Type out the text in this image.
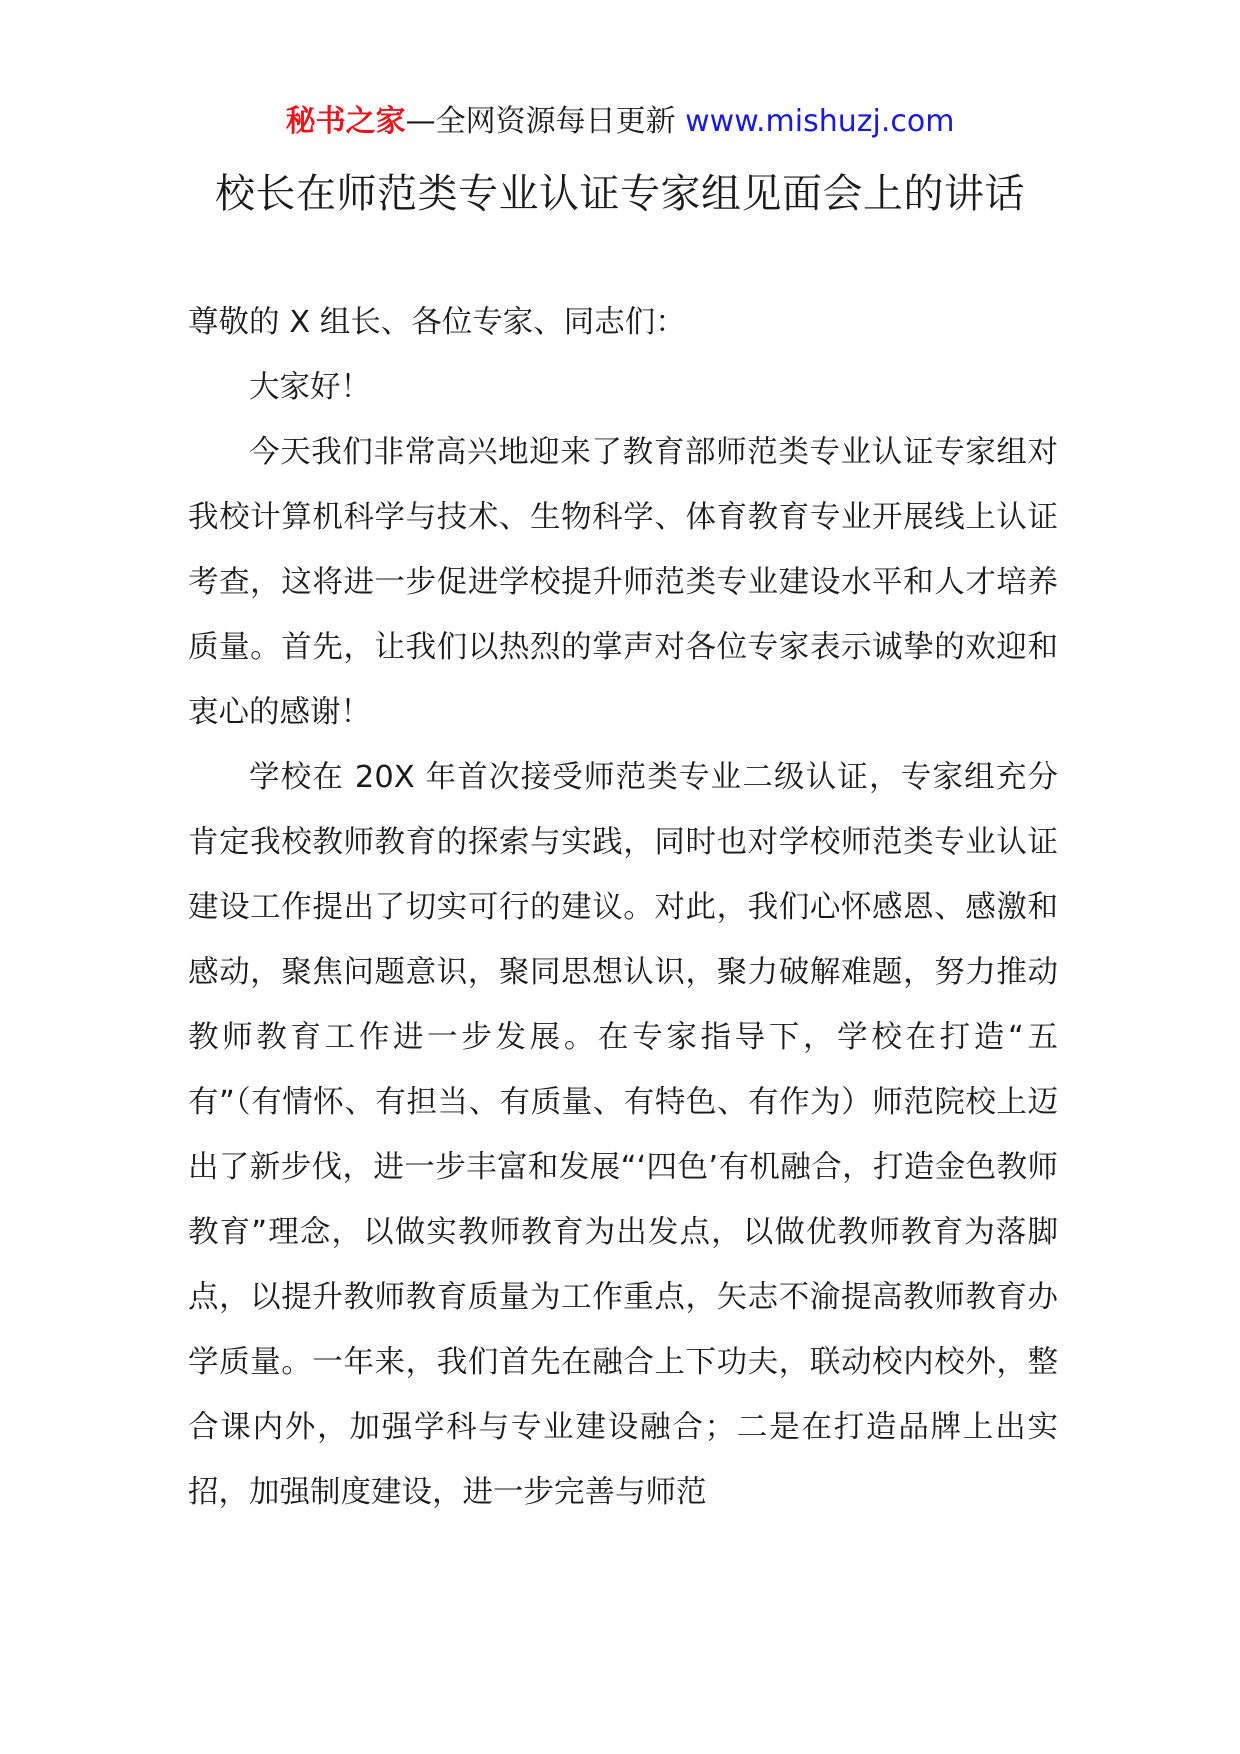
秘书之家—全网资源每日更新 www.mishuzj.com
校长在师范类专业认证专家组见面会上的讲话

尊敬的 X 组长、各位专家、同志们：

大家好！

今天我们非常高兴地迎来了教育部师范类专业认证专家组对我校计算机科学与技术、生物科学、体育教育专业开展线上认证考查，这将进一步促进学校提升师范类专业建设水平和人才培养质量。首先，让我们以热烈的掌声对各位专家表示诚挚的欢迎和衷心的感谢！

学校在 20X 年首次接受师范类专业二级认证，专家组充分肯定我校教师教育的探索与实践，同时也对学校师范类专业认证建设工作提出了切实可行的建议。对此，我们心怀感恩、感激和感动，聚焦问题意识，聚同思想认识，聚力破解难题，努力推动教师教育工作进一步发展。在专家指导下，学校在打造“五有”（有情怀、有担当、有质量、有特色、有作为）师范院校上迈出了新步伐，进一步丰富和发展“‘四色’有机融合，打造金色教师教育”理念，以做实教师教育为出发点，以做优教师教育为落脚点，以提升教师教育质量为工作重点，矢志不渝提高教师教育办学质量。一年来，我们首先在融合上下功夫，联动校内校外，整合课内外，加强学科与专业建设融合；二是在打造品牌上出实招，加强制度建设，进一步完善与师范
